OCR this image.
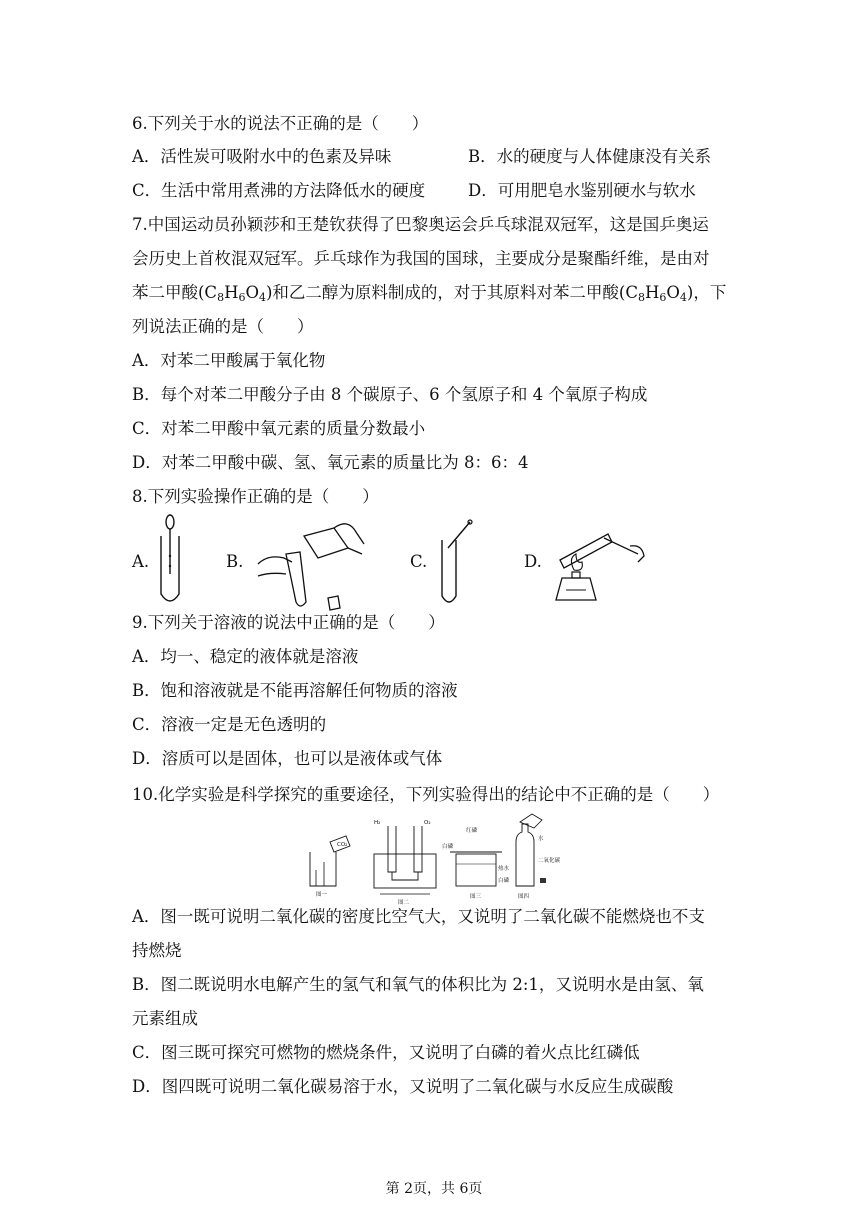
6.下列关于水的说法不正确的是（　　）
A．活性炭可吸附水中的色素及异味	B．水的硬度与人体健康没有关系
C．生活中常用煮沸的方法降低水的硬度	D．可用肥皂水鉴别硬水与软水
7.中国运动员孙颖莎和王楚钦获得了巴黎奥运会乒乓球混双冠军，这是国乒奥运
会历史上首枚混双冠军。乒乓球作为我国的国球，主要成分是聚酯纤维，是由对
苯二甲酸$(C_8H_6O_4)$和乙二醇为原料制成的，对于其原料对苯二甲酸$(C_8H_6O_4)$，下
列说法正确的是（　　）
A．对苯二甲酸属于氧化物
B．每个对苯二甲酸分子由 8 个碳原子、6 个氢原子和 4 个氧原子构成
C．对苯二甲酸中氧元素的质量分数最小
D．对苯二甲酸中碳、氢、氧元素的质量比为 8：6：4
8.下列实验操作正确的是（　　）
A.	B.	C.	D.
9.下列关于溶液的说法中正确的是（　　）
A．均一、稳定的液体就是溶液
B．饱和溶液就是不能再溶解任何物质的溶液
C．溶液一定是无色透明的
D．溶质可以是固体，也可以是液体或气体
10.化学实验是科学探究的重要途径，下列实验得出的结论中不正确的是（　　）
CO₂
图一
H₂	O₂
图二
红磷
白磷
热水
白磷
图三
水
二氧化碳
图四
A．图一既可说明二氧化碳的密度比空气大，又说明了二氧化碳不能燃烧也不支
持燃烧
B．图二既说明水电解产生的氢气和氧气的体积比为 2:1，又说明水是由氢、氧
元素组成
C．图三既可探究可燃物的燃烧条件，又说明了白磷的着火点比红磷低
D．图四既可说明二氧化碳易溶于水，又说明了二氧化碳与水反应生成碳酸
第 2页，共 6页
